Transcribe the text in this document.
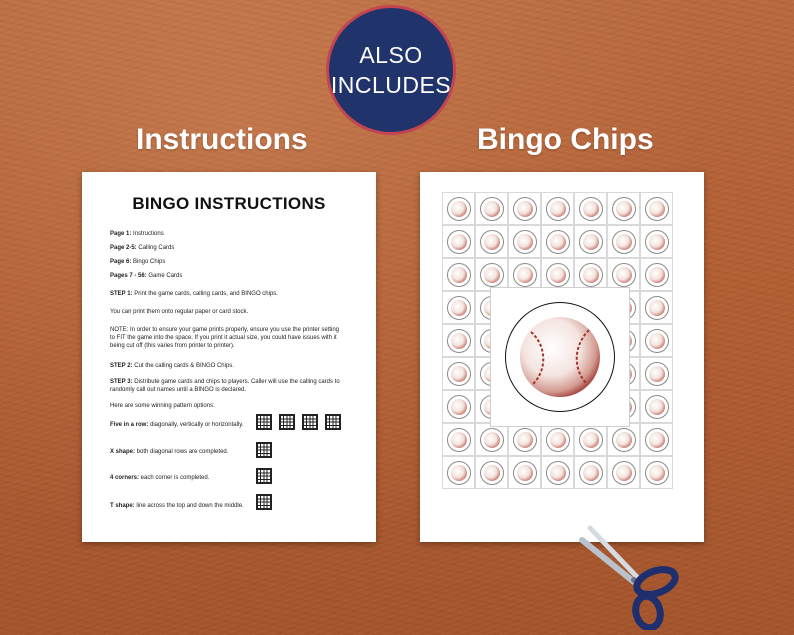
ALSO
INCLUDES
Instructions	Bingo Chips
BINGO INSTRUCTIONS
Page 1: Instructions
Page 2-5: Calling Cards
Page 6: Bingo Chips
Pages 7 - 56: Game Cards
STEP 1: Print the game cards, calling cards, and BINGO chips.
You can print them onto regular paper or card stock.
NOTE: In order to ensure your game prints properly, ensure you use the printer setting to FIT the game into the space. If you print it actual size, you could have issues with it being cut off (this varies from printer to printer).
STEP 2: Cut the calling cards & BINGO Chips.
STEP 3: Distribute game cards and chips to players. Caller will use the calling cards to randomly call out names until a BINGO is declared.
Here are some winning pattern options:
Five in a row: diagonally, vertically or horizontally.
X shape: both diagonal rows are completed.
4 corners: each corner is completed.
T shape: line across the top and down the middle.
